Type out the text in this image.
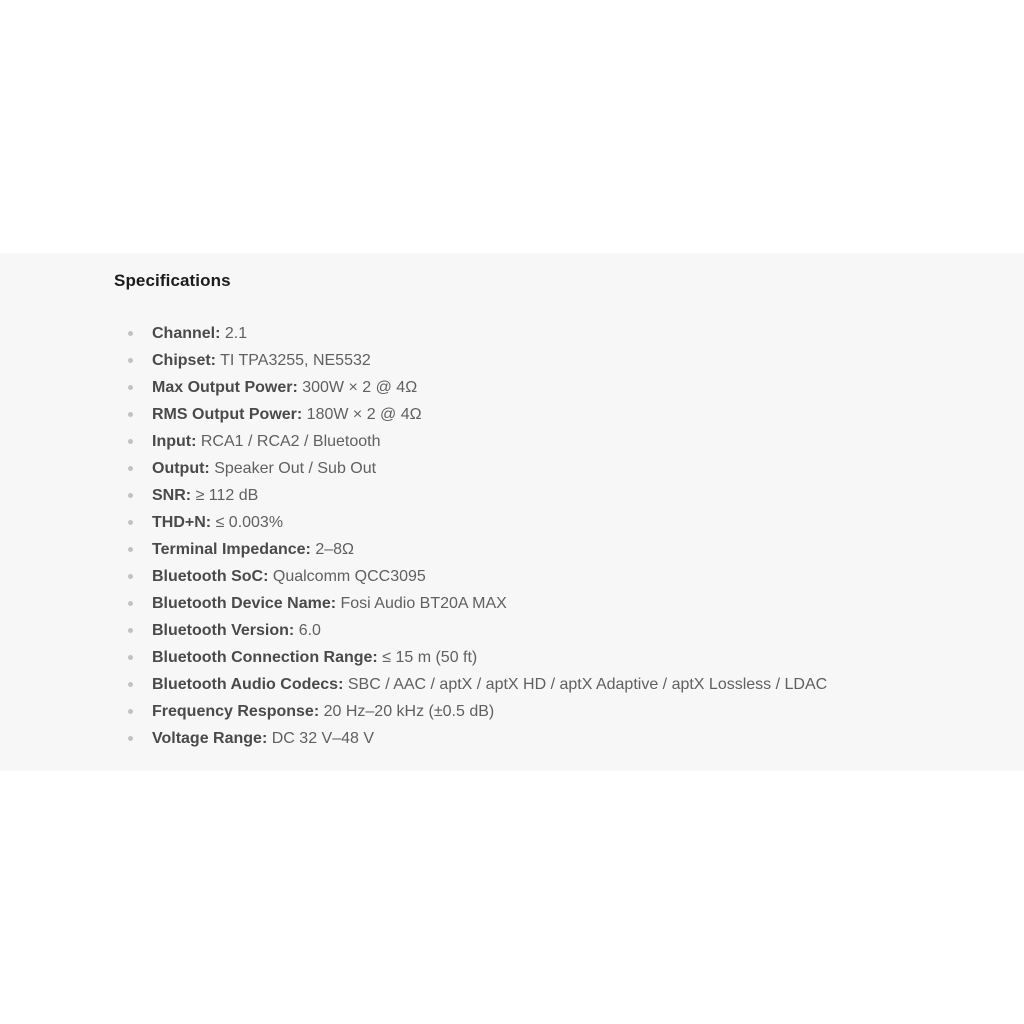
Specifications
Channel: 2.1
Chipset: TI TPA3255, NE5532
Max Output Power: 300W × 2 @ 4Ω
RMS Output Power: 180W × 2 @ 4Ω
Input: RCA1 / RCA2 / Bluetooth
Output: Speaker Out / Sub Out
SNR: ≥ 112 dB
THD+N: ≤ 0.003%
Terminal Impedance: 2–8Ω
Bluetooth SoC: Qualcomm QCC3095
Bluetooth Device Name: Fosi Audio BT20A MAX
Bluetooth Version: 6.0
Bluetooth Connection Range: ≤ 15 m (50 ft)
Bluetooth Audio Codecs: SBC / AAC / aptX / aptX HD / aptX Adaptive / aptX Lossless / LDAC
Frequency Response: 20 Hz–20 kHz (±0.5 dB)
Voltage Range: DC 32 V–48 V
